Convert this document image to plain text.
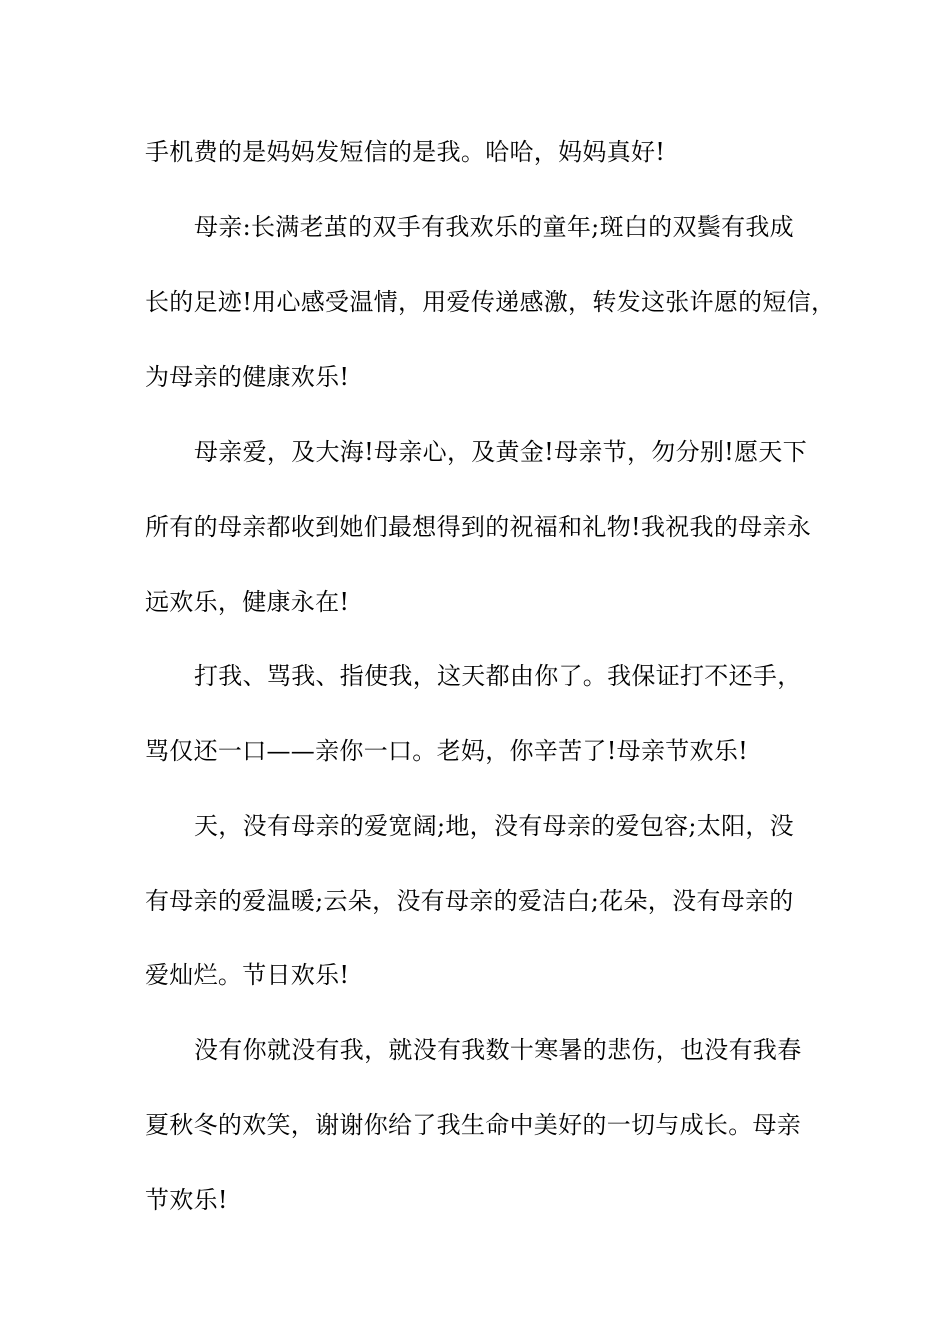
手机费的是妈妈发短信的是我。哈哈，妈妈真好!
母亲:长满老茧的双手有我欢乐的童年;斑白的双鬓有我成
长的足迹!用心感受温情，用爱传递感激，转发这张许愿的短信，
为母亲的健康欢乐!
母亲爱，及大海!母亲心，及黄金!母亲节，勿分别!愿天下
所有的母亲都收到她们最想得到的祝福和礼物!我祝我的母亲永
远欢乐，健康永在!
打我、骂我、指使我，这天都由你了。我保证打不还手，
骂仅还一口——亲你一口。老妈，你辛苦了!母亲节欢乐!
天，没有母亲的爱宽阔;地，没有母亲的爱包容;太阳，没
有母亲的爱温暖;云朵，没有母亲的爱洁白;花朵，没有母亲的
爱灿烂。节日欢乐!
没有你就没有我，就没有我数十寒暑的悲伤，也没有我春
夏秋冬的欢笑，谢谢你给了我生命中美好的一切与成长。母亲
节欢乐!
